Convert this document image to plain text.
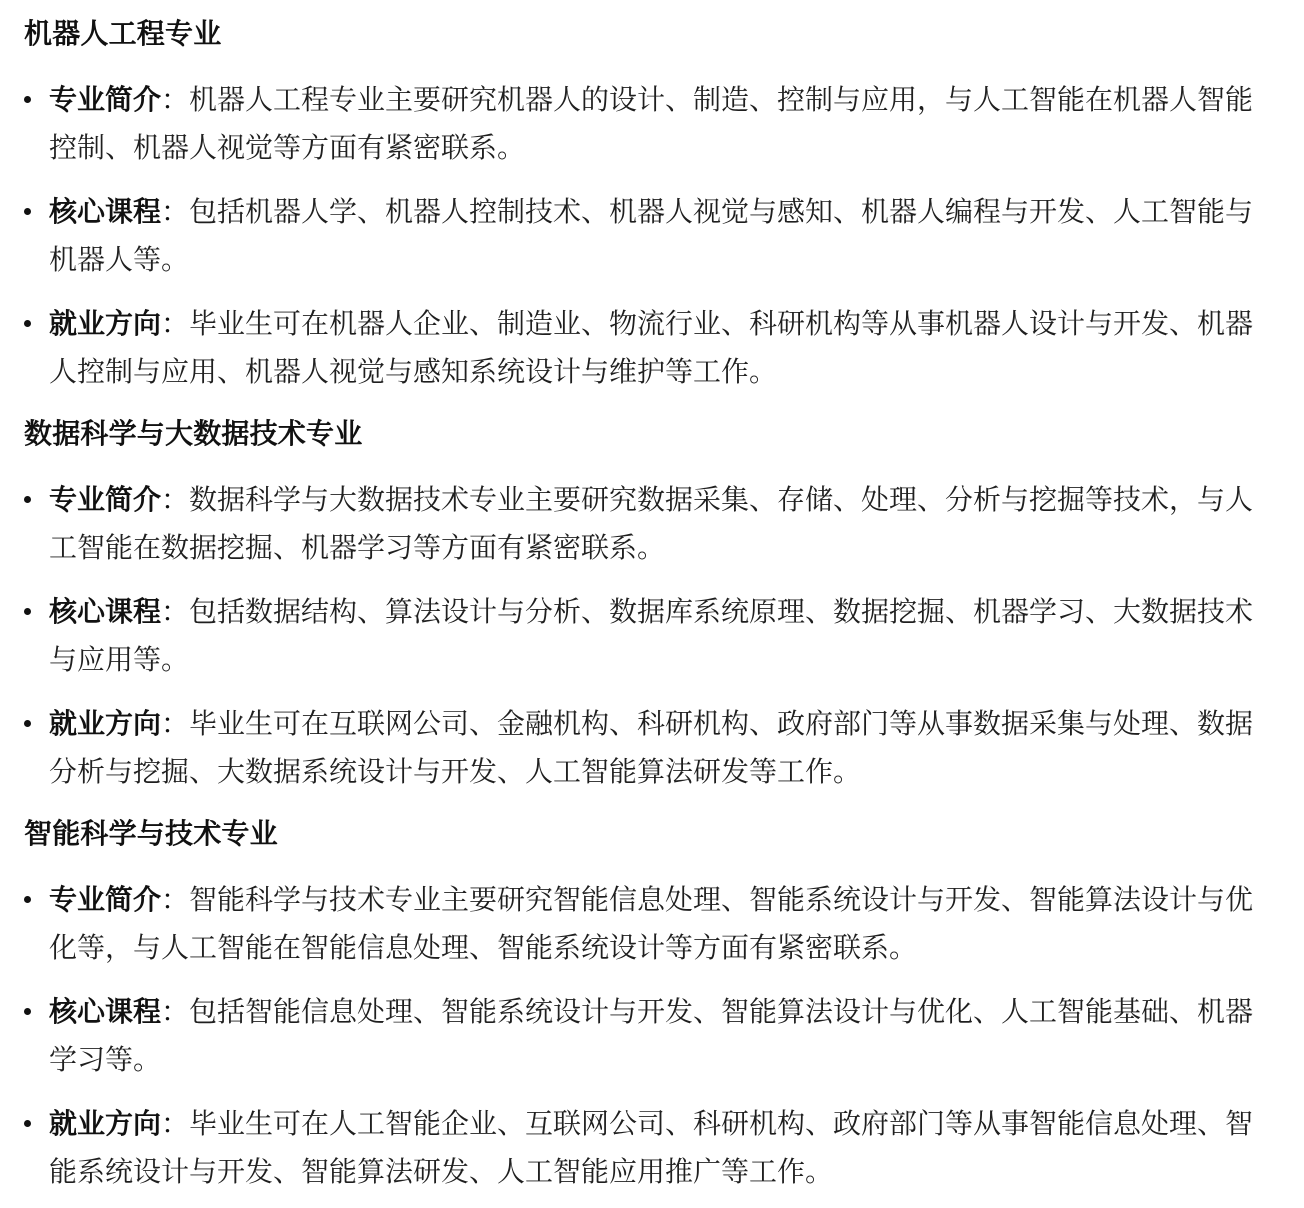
机器人工程专业
专业简介：机器人工程专业主要研究机器人的设计、制造、控制与应用，与人工智能在机器人智能控制、机器人视觉等方面有紧密联系。
核心课程：包括机器人学、机器人控制技术、机器人视觉与感知、机器人编程与开发、人工智能与机器人等。
就业方向：毕业生可在机器人企业、制造业、物流行业、科研机构等从事机器人设计与开发、机器人控制与应用、机器人视觉与感知系统设计与维护等工作。
数据科学与大数据技术专业
专业简介：数据科学与大数据技术专业主要研究数据采集、存储、处理、分析与挖掘等技术，与人工智能在数据挖掘、机器学习等方面有紧密联系。
核心课程：包括数据结构、算法设计与分析、数据库系统原理、数据挖掘、机器学习、大数据技术与应用等。
就业方向：毕业生可在互联网公司、金融机构、科研机构、政府部门等从事数据采集与处理、数据分析与挖掘、大数据系统设计与开发、人工智能算法研发等工作。
智能科学与技术专业
专业简介：智能科学与技术专业主要研究智能信息处理、智能系统设计与开发、智能算法设计与优化等，与人工智能在智能信息处理、智能系统设计等方面有紧密联系。
核心课程：包括智能信息处理、智能系统设计与开发、智能算法设计与优化、人工智能基础、机器学习等。
就业方向：毕业生可在人工智能企业、互联网公司、科研机构、政府部门等从事智能信息处理、智能系统设计与开发、智能算法研发、人工智能应用推广等工作。
